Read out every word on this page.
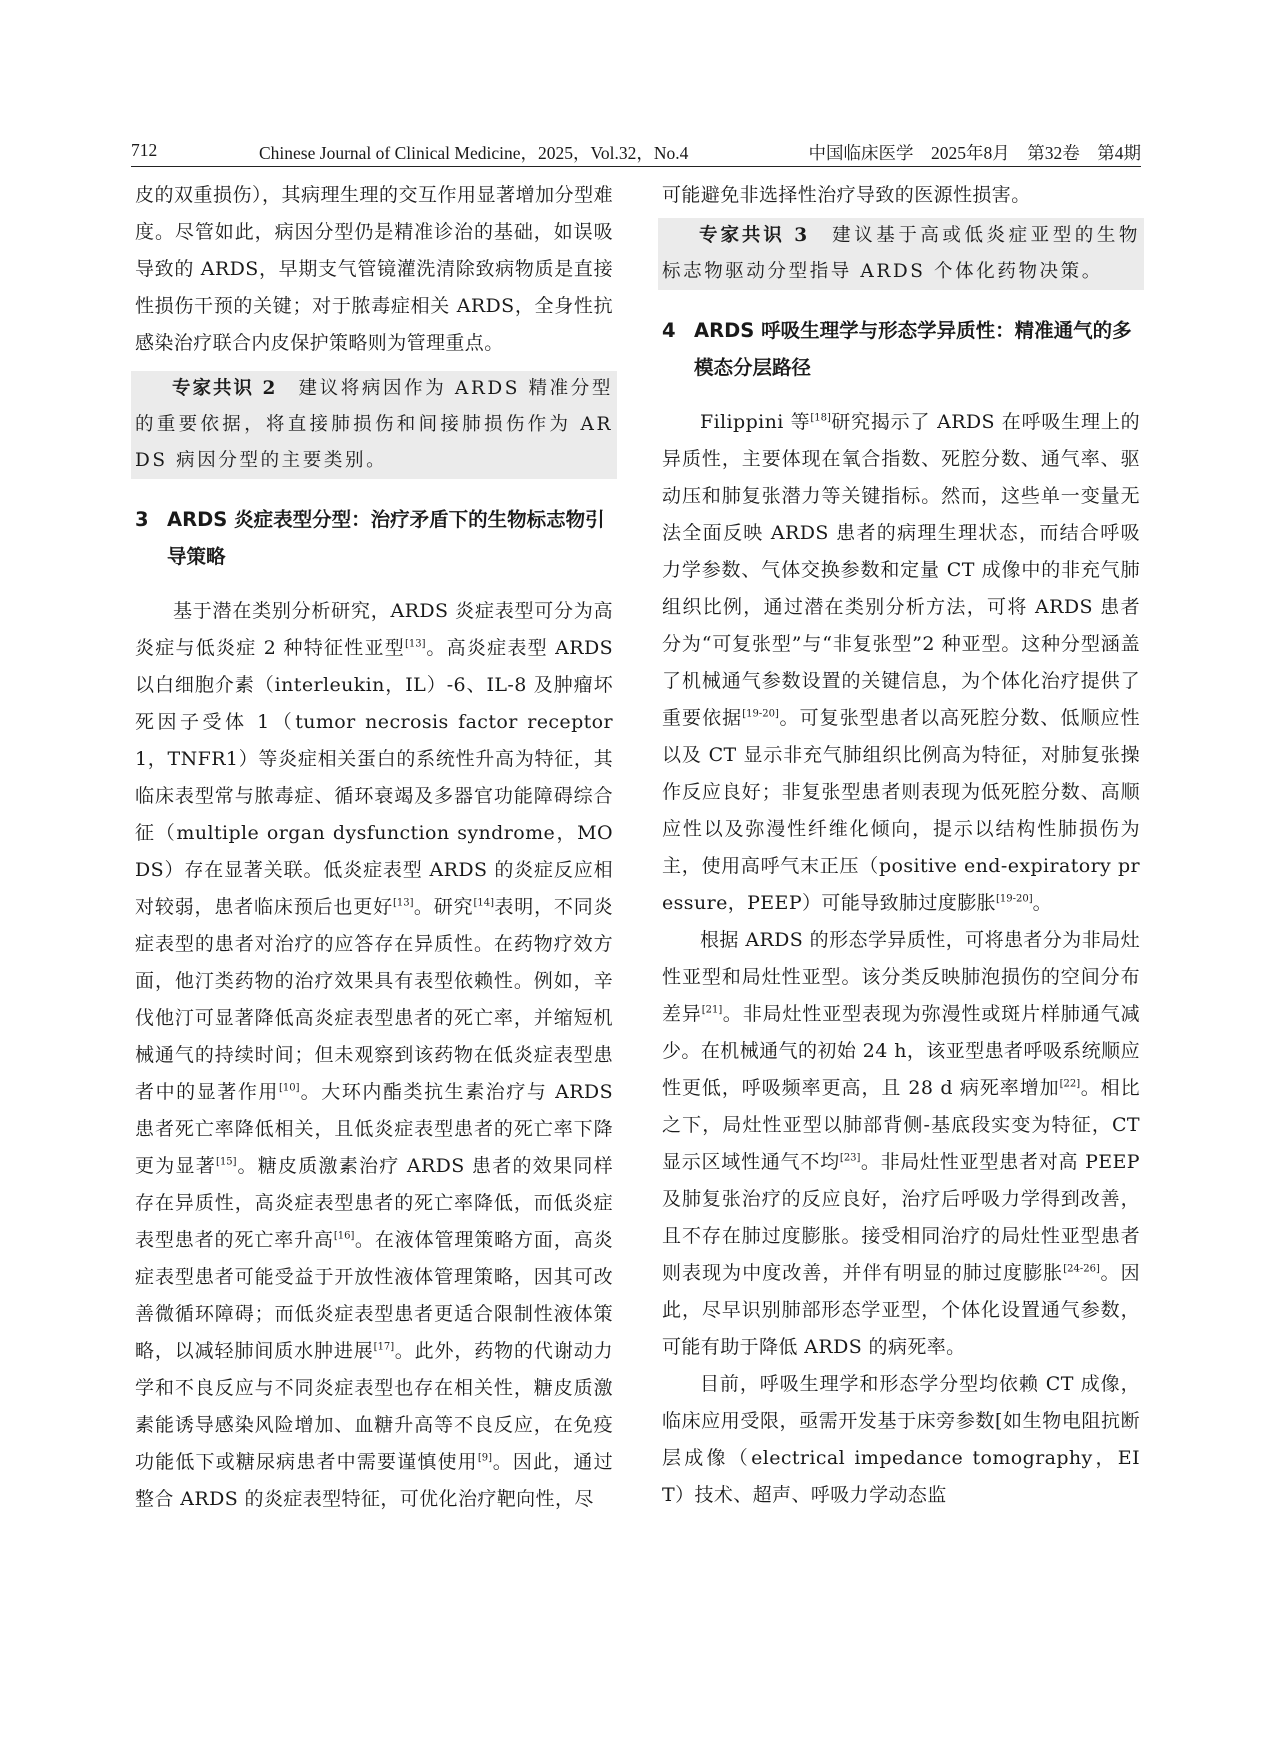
712	Chinese Journal of Clinical Medicine，2025，Vol.32，No.4	中国临床医学　2025年8月　第32卷　第4期

皮的双重损伤），其病理生理的交互作用显著增加分型难度。尽管如此，病因分型仍是精准诊治的基础，如误吸导致的 ARDS，早期支气管镜灌洗清除致病物质是直接性损伤干预的关键；对于脓毒症相关 ARDS，全身性抗感染治疗联合内皮保护策略则为管理重点。

专家共识 2　 建议将病因作为 ARDS 精准分型的重要依据，将直接肺损伤和间接肺损伤作为 ARDS 病因分型的主要类别。

3 ARDS 炎症表型分型：治疗矛盾下的生物标志物引导策略

基于潜在类别分析研究，ARDS 炎症表型可分为高炎症与低炎症 2 种特征性亚型[13]。高炎症表型 ARDS 以白细胞介素（interleukin，IL）-6、IL-8 及肿瘤坏死因子受体 1（tumor necrosis factor receptor 1，TNFR1）等炎症相关蛋白的系统性升高为特征，其临床表型常与脓毒症、循环衰竭及多器官功能障碍综合征（multiple organ dysfunction syndrome，MODS）存在显著关联。低炎症表型 ARDS 的炎症反应相对较弱，患者临床预后也更好[13]。研究[14]表明，不同炎症表型的患者对治疗的应答存在异质性。在药物疗效方面，他汀类药物的治疗效果具有表型依赖性。例如，辛伐他汀可显著降低高炎症表型患者的死亡率，并缩短机械通气的持续时间；但未观察到该药物在低炎症表型患者中的显著作用[10]。大环内酯类抗生素治疗与 ARDS 患者死亡率降低相关，且低炎症表型患者的死亡率下降更为显著[15]。糖皮质激素治疗 ARDS 患者的效果同样存在异质性，高炎症表型患者的死亡率降低，而低炎症表型患者的死亡率升高[16]。在液体管理策略方面，高炎症表型患者可能受益于开放性液体管理策略，因其可改善微循环障碍；而低炎症表型患者更适合限制性液体策略，以减轻肺间质水肿进展[17]。此外，药物的代谢动力学和不良反应与不同炎症表型也存在相关性，糖皮质激素能诱导感染风险增加、血糖升高等不良反应，在免疫功能低下或糖尿病患者中需要谨慎使用[9]。因此，通过整合 ARDS 的炎症表型特征，可优化治疗靶向性，尽

可能避免非选择性治疗导致的医源性损害。

专家共识 3　 建议基于高或低炎症亚型的生物标志物驱动分型指导 ARDS 个体化药物决策。

4 ARDS 呼吸生理学与形态学异质性：精准通气的多模态分层路径

Filippini 等[18]研究揭示了 ARDS 在呼吸生理上的异质性，主要体现在氧合指数、死腔分数、通气率、驱动压和肺复张潜力等关键指标。然而，这些单一变量无法全面反映 ARDS 患者的病理生理状态，而结合呼吸力学参数、气体交换参数和定量 CT 成像中的非充气肺组织比例，通过潜在类别分析方法，可将 ARDS 患者分为“可复张型”与“非复张型”2 种亚型。这种分型涵盖了机械通气参数设置的关键信息，为个体化治疗提供了重要依据[19-20]。可复张型患者以高死腔分数、低顺应性以及 CT 显示非充气肺组织比例高为特征，对肺复张操作反应良好；非复张型患者则表现为低死腔分数、高顺应性以及弥漫性纤维化倾向，提示以结构性肺损伤为主，使用高呼气末正压（positive end-expiratory pressure，PEEP）可能导致肺过度膨胀[19-20]。

根据 ARDS 的形态学异质性，可将患者分为非局灶性亚型和局灶性亚型。该分类反映肺泡损伤的空间分布差异[21]。非局灶性亚型表现为弥漫性或斑片样肺通气减少。在机械通气的初始 24 h，该亚型患者呼吸系统顺应性更低，呼吸频率更高，且 28 d 病死率增加[22]。相比之下，局灶性亚型以肺部背侧-基底段实变为特征，CT 显示区域性通气不均[23]。非局灶性亚型患者对高 PEEP 及肺复张治疗的反应良好，治疗后呼吸力学得到改善，且不存在肺过度膨胀。接受相同治疗的局灶性亚型患者则表现为中度改善，并伴有明显的肺过度膨胀[24-26]。因此，尽早识别肺部形态学亚型，个体化设置通气参数，可能有助于降低 ARDS 的病死率。

目前，呼吸生理学和形态学分型均依赖 CT 成像，临床应用受限，亟需开发基于床旁参数[如生物电阻抗断层成像（electrical impedance tomography，EIT）技术、超声、呼吸力学动态监
